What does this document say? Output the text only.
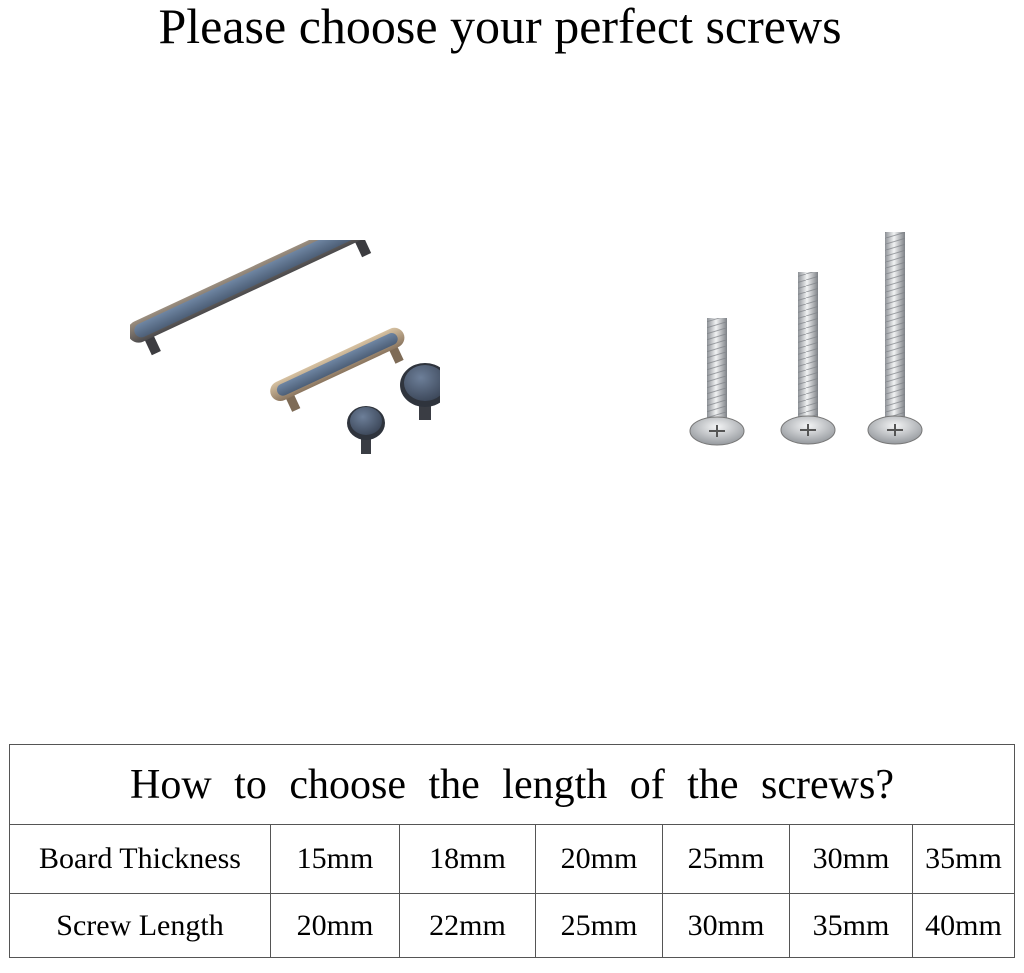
Please choose your perfect screws
How to choose the length of the screws?						
Board Thickness	15mm	18mm	20mm	25mm	30mm	35mm
Screw Length	20mm	22mm	25mm	30mm	35mm	40mm
